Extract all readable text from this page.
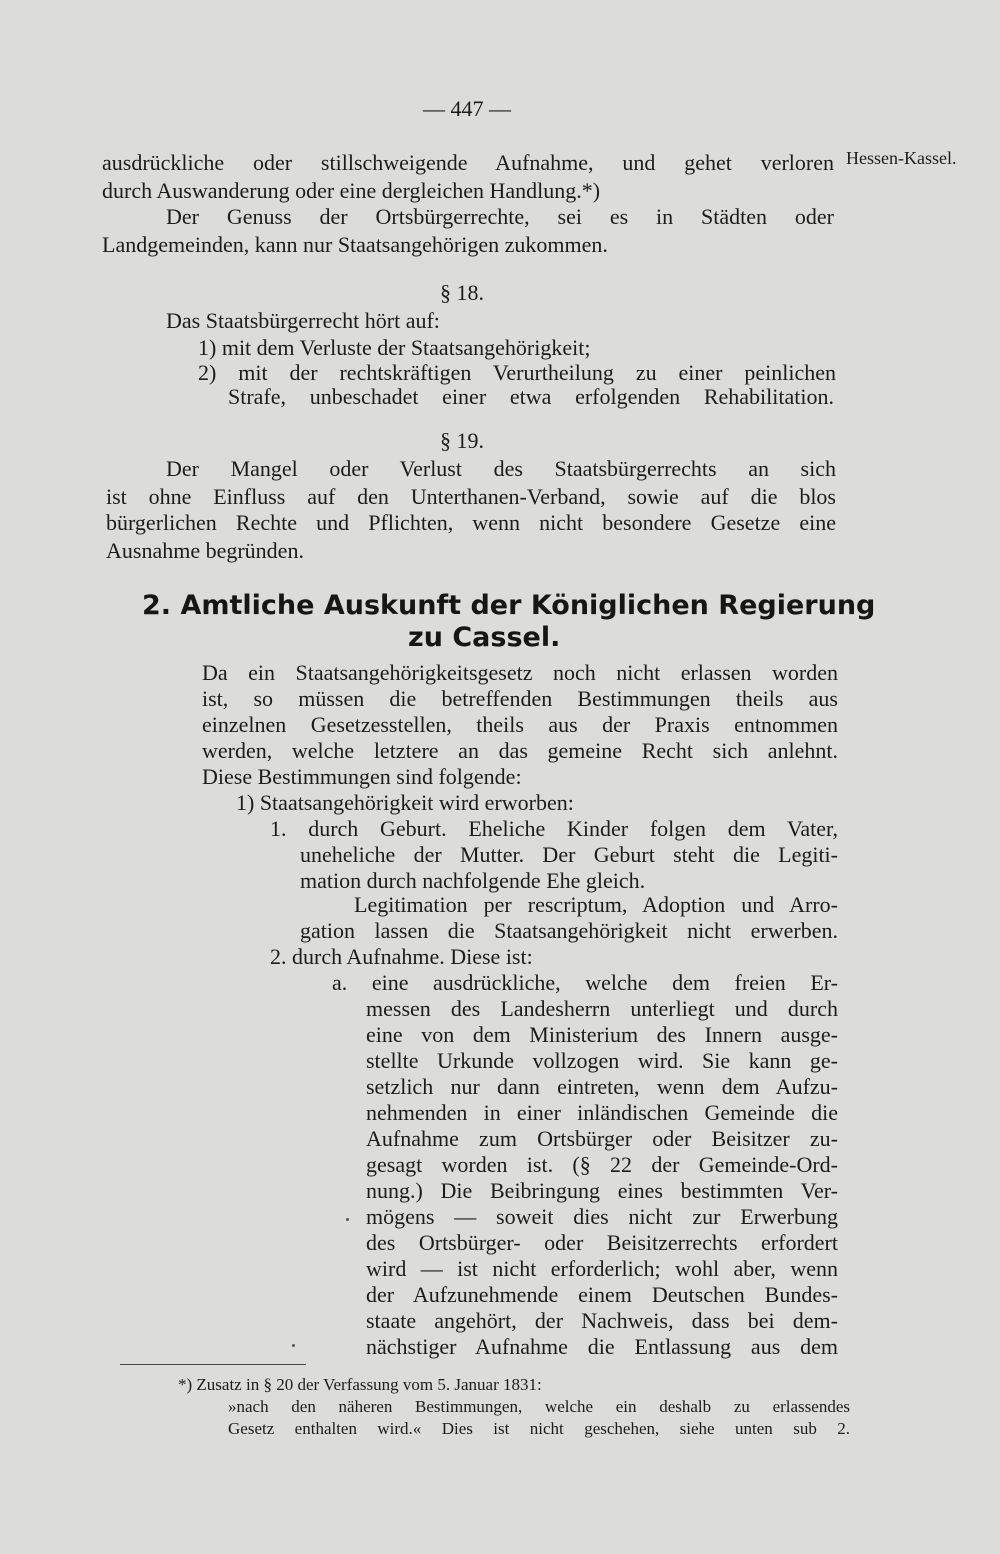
— 447 —
Hessen-Kassel.
ausdrückliche oder stillschweigende Aufnahme, und gehet verloren
durch Auswanderung oder eine dergleichen Handlung.*)
Der Genuss der Ortsbürgerrechte, sei es in Städten oder
Landgemeinden, kann nur Staatsangehörigen zukommen.
§ 18.
Das Staatsbürgerrecht hört auf:
1) mit dem Verluste der Staatsangehörigkeit;
2) mit der rechtskräftigen Verurtheilung zu einer peinlichen
Strafe, unbeschadet einer etwa erfolgenden Rehabilitation.
§ 19.
Der Mangel oder Verlust des Staatsbürgerrechts an sich
ist ohne Einfluss auf den Unterthanen-Verband, sowie auf die blos
bürgerlichen Rechte und Pflichten, wenn nicht besondere Gesetze eine
Ausnahme begründen.
2. Amtliche Auskunft der Königlichen Regierung
zu Cassel.
Da ein Staatsangehörigkeitsgesetz noch nicht erlassen worden
ist, so müssen die betreffenden Bestimmungen theils aus
einzelnen Gesetzesstellen, theils aus der Praxis entnommen
werden, welche letztere an das gemeine Recht sich anlehnt.
Diese Bestimmungen sind folgende:
1) Staatsangehörigkeit wird erworben:
1. durch Geburt. Eheliche Kinder folgen dem Vater,
uneheliche der Mutter. Der Geburt steht die Legiti-
mation durch nachfolgende Ehe gleich.
Legitimation per rescriptum, Adoption und Arro-
gation lassen die Staatsangehörigkeit nicht erwerben.
2. durch Aufnahme. Diese ist:
a. eine ausdrückliche, welche dem freien Er-
messen des Landesherrn unterliegt und durch
eine von dem Ministerium des Innern ausge-
stellte Urkunde vollzogen wird. Sie kann ge-
setzlich nur dann eintreten, wenn dem Aufzu-
nehmenden in einer inländischen Gemeinde die
Aufnahme zum Ortsbürger oder Beisitzer zu-
gesagt worden ist. (§ 22 der Gemeinde-Ord-
nung.) Die Beibringung eines bestimmten Ver-
mögens — soweit dies nicht zur Erwerbung
des Ortsbürger- oder Beisitzerrechts erfordert
wird — ist nicht erforderlich; wohl aber, wenn
der Aufzunehmende einem Deutschen Bundes-
staate angehört, der Nachweis, dass bei dem-
nächstiger Aufnahme die Entlassung aus dem
*) Zusatz in § 20 der Verfassung vom 5. Januar 1831:
»nach den näheren Bestimmungen, welche ein deshalb zu erlassendes
Gesetz enthalten wird.« Dies ist nicht geschehen, siehe unten sub 2.
